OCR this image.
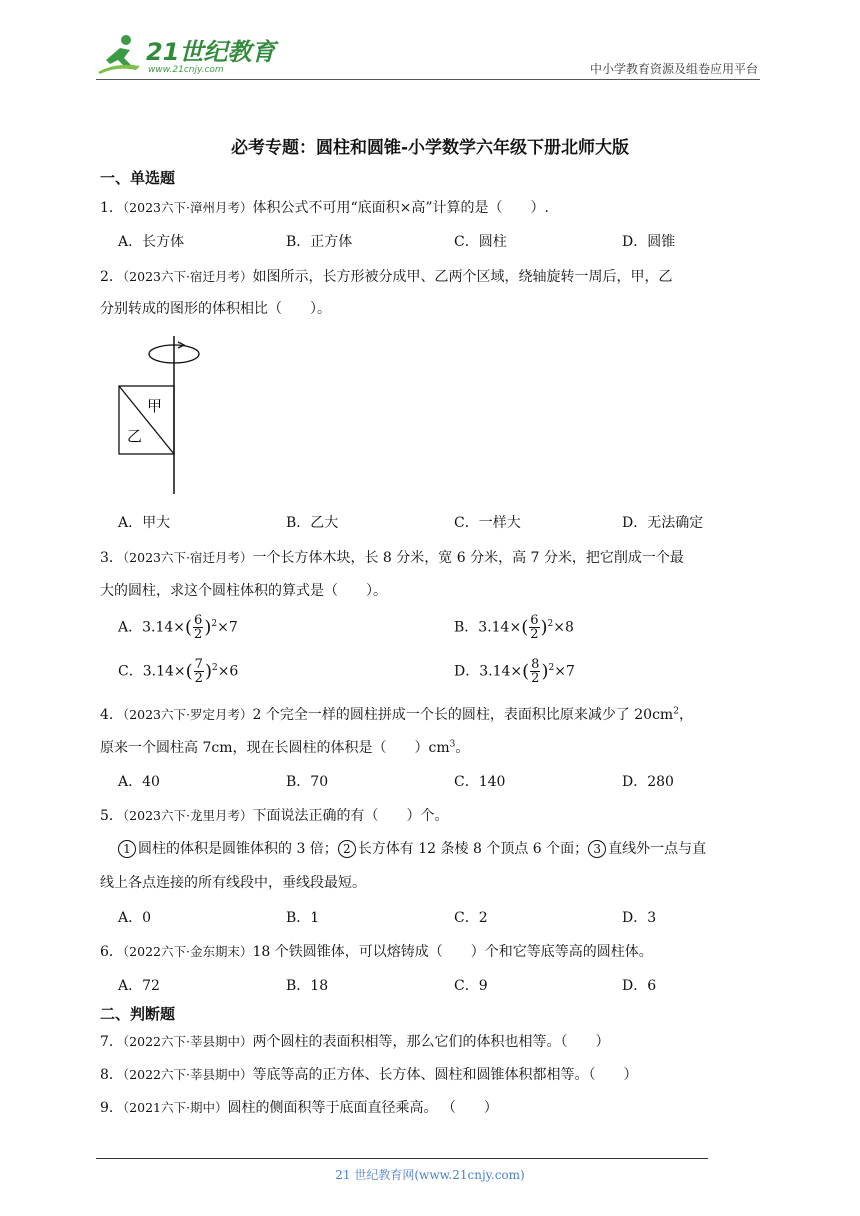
21世纪教育
www.21cnjy.com	中小学教育资源及组卷应用平台
必考专题：圆柱和圆锥-小学数学六年级下册北师大版
一、单选题
1．（2023六下·漳州月考）体积公式不可用“底面积×高”计算的是（　　）.
A．长方体	B．正方体	C．圆柱	D．圆锥
2．（2023六下·宿迁月考）如图所示，长方形被分成甲、乙两个区域，绕轴旋转一周后，甲，乙
分别转成的图形的体积相比（　　）。
甲
乙
A．甲大	B．乙大	C．一样大	D．无法确定
3．（2023六下·宿迁月考）一个长方体木块，长 8 分米，宽 6 分米，高 7 分米，把它削成一个最
大的圆柱，求这个圆柱体积的算式是（　　）。
A．$3.14\times( \frac{6}{2} )^2\times 7$	B．$3.14\times( \frac{6}{2} )^2\times 8$
C．$3.14\times( \frac{7}{2} )^2\times 6$	D．$3.14\times( \frac{8}{2} )^2\times 7$
4．（2023六下·罗定月考）2 个完全一样的圆柱拼成一个长的圆柱，表面积比原来减少了 $20cm^2$，
原来一个圆柱高 7cm，现在长圆柱的体积是（　　）$cm^3$。
A．40	B．70	C．140	D．280
5．（2023六下·龙里月考）下面说法正确的有（　　）个。
1 圆柱的体积是圆锥体积的 3 倍； 2 长方体有 12 条棱 8 个顶点 6 个面； 3 直线外一点与直
线上各点连接的所有线段中，垂线段最短。
A．0	B．1	C．2	D．3
6．（2022六下·金东期末）18 个铁圆锥体，可以熔铸成（　　）个和它等底等高的圆柱体。
A．72	B．18	C．9	D．6
二、判断题
7．（2022六下·莘县期中）两个圆柱的表面积相等，那么它们的体积也相等。（　　）
8．（2022六下·莘县期中）等底等高的正方体、长方体、圆柱和圆锥体积都相等。（　　）
9．（2021六下·期中）圆柱的侧面积等于底面直径乘高。 （　　）
21 世纪教育网(www.21cnjy.com)
